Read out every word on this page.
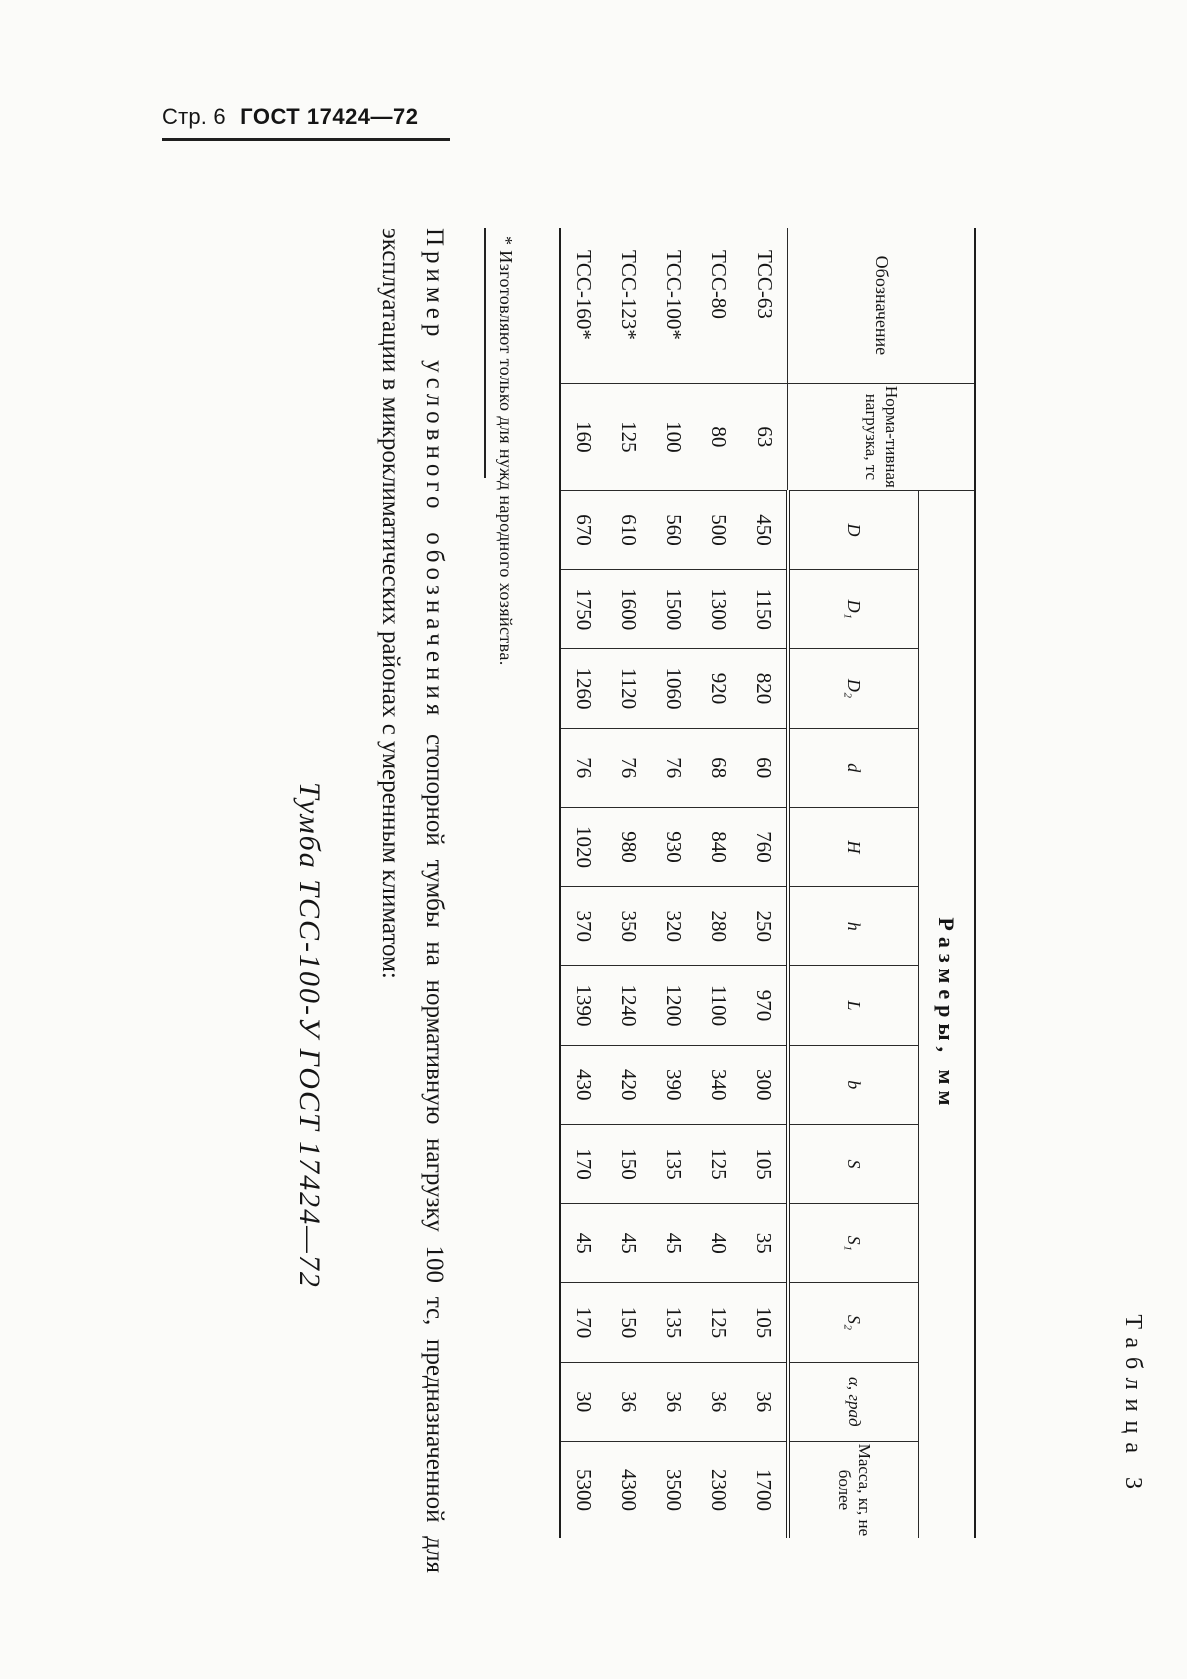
Стр. 6 ГОСТ 17424—72
Таблица 3
Обозначение	Норма-тивная нагрузка, тс	Размеры, мм												
		D	D₁	D₂	d	H	h	L	b	S	S₁	S₂	α, град	Масса, кг, не более
ТСС-63	63	450	1150	820	60	760	250	970	300	105	35	105	36	1700
ТСС-80	80	500	1300	920	68	840	280	1100	340	125	40	125	36	2300
ТСС-100*	100	560	1500	1060	76	930	320	1200	390	135	45	135	36	3500
ТСС-123*	125	610	1600	1120	76	980	350	1240	420	150	45	150	36	4300
ТСС-160*	160	670	1750	1260	76	1020	370	1390	430	170	45	170	30	5300
* Изготовляют только для нужд народного хозяйства.
Пример условного обозначения стопорной тумбы на нормативную нагрузку 100 тс, предназначенной для эксплуатации в микроклиматических районах с умеренным климатом:
Тумба ТСС-100-У ГОСТ 17424—72
